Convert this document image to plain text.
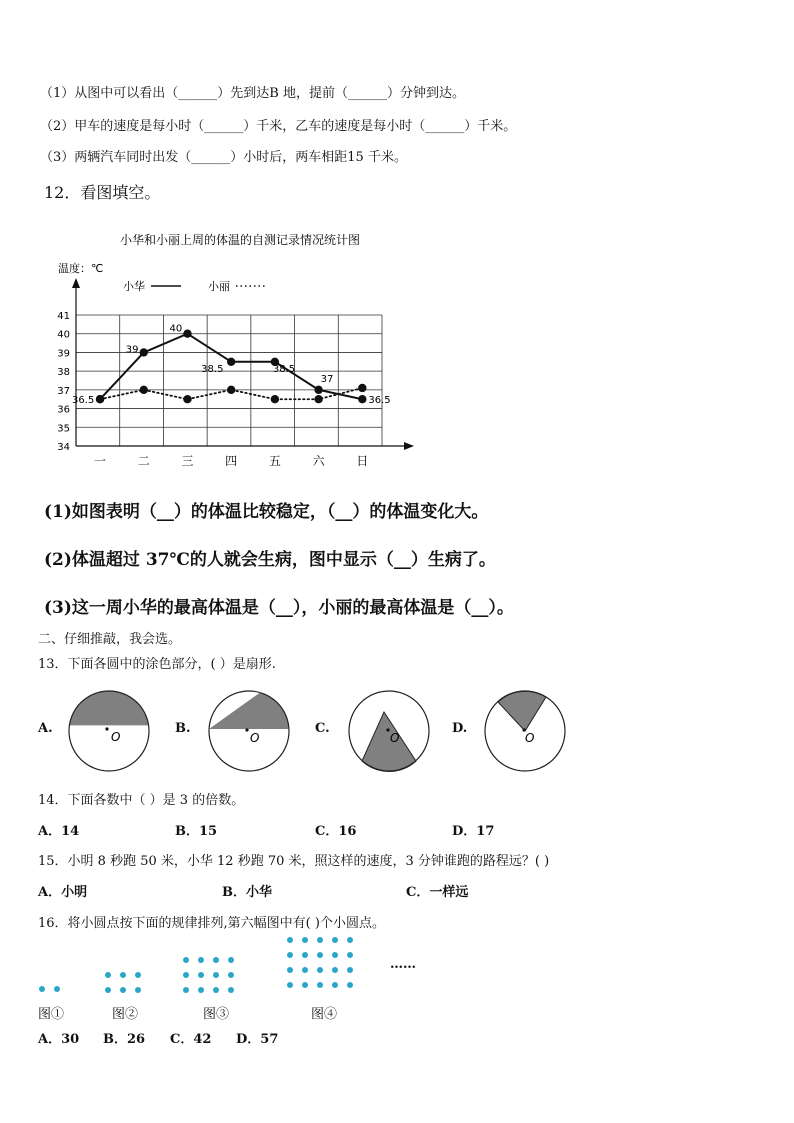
（1）从图中可以看出（______）先到达B 地，提前（______）分钟到达。
（2）甲车的速度是每小时（______）千米，乙车的速度是每小时（______）千米。
（3）两辆汽车同时出发（______）小时后，两车相距15 千米。
12．看图填空。
小华和小丽上周的体温的自测记录情况统计图
温度：℃
小华	小丽
34
35
36
37
38
39
40
41
一	二	三	四	五	六	日
36.5
39
40
38.5	38.5
37
36.5
(1)如图表明（__）的体温比较稳定，（__）的体温变化大。
(2)体温超过 37℃的人就会生病，图中显示（__）生病了。
(3)这一周小华的最高体温是（__），小丽的最高体温是（__）。
二、仔细推敲，我会选。
13．下面各圆中的涂色部分，( ）是扇形.
A.	B.	C.	D.
O	O	O	O
14．下面各数中（ ）是 3 的倍数。
A．14	B．15	C．16	D．17
15．小明 8 秒跑 50 米，小华 12 秒跑 70 米，照这样的速度，3 分钟谁跑的路程远？( )
A．小明	B．小华	C．一样远
16．将小圆点按下面的规律排列,第六幅图中有( )个小圆点。
……
图①	图②	图③	图④
A．30 B．26 C．42 D．57
